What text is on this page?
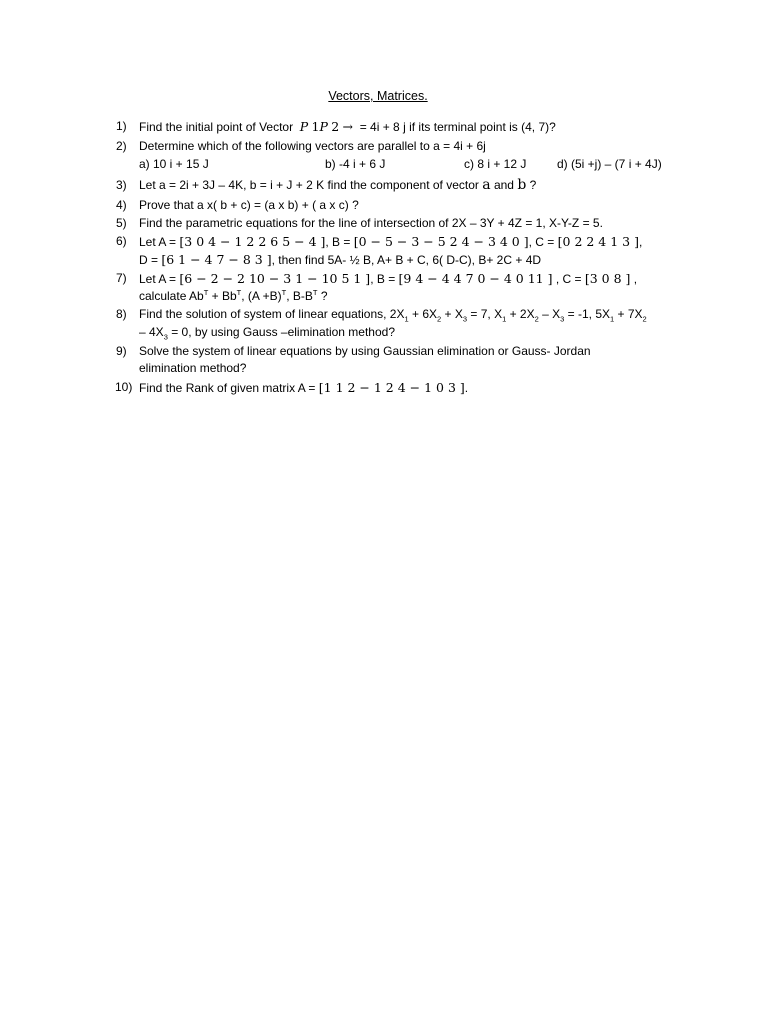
Vectors, Matrices.
1) Find the initial point of Vector P 1P 2 → = 4i + 8 j if its terminal point is (4, 7)?
2) Determine which of the following vectors are parallel to a = 4i + 6j
a) 10 i + 15 J	b) -4 i + 6 J	c) 8 i + 12 J	d) (5i +j) – (7 i + 4J)
3) Let a = 2i + 3J – 4K, b = i + J + 2 K find the component of vector a and b ?
4) Prove that a x( b + c) = (a x b) + ( a x c) ?
5) Find the parametric equations for the line of intersection of 2X – 3Y + 4Z = 1, X-Y-Z = 5.
6) Let A = [3 0 4 − 1 2 2 6 5 − 4 ], B = [0 − 5 − 3 − 5 2 4 − 3 4 0 ], C = [0 2 2 4 1 3 ],
D = [6 1 − 4 7 − 8 3 ], then find 5A- ½ B, A+ B + C, 6( D-C), B+ 2C + 4D
7) Let A = [6 − 2 − 2 10 − 3 1 − 10 5 1 ], B = [9 4 − 4 4 7 0 − 4 0 11 ] , C = [3 0 8 ] ,
calculate $Ab^T + Bb^T$, $(A +B)^T$, $B-B^T$ ?
8) Find the solution of system of linear equations, $2X_1 + 6X_2 + X_3 = 7$, $X_1 + 2X_2 - X_3 = -1$, $5X_1 + 7X_2$
– $4X_3 = 0$, by using Gauss –elimination method?
9) Solve the system of linear equations by using Gaussian elimination or Gauss- Jordan
elimination method?
10) Find the Rank of given matrix A = [1 1 2 − 1 2 4 − 1 0 3 ].
